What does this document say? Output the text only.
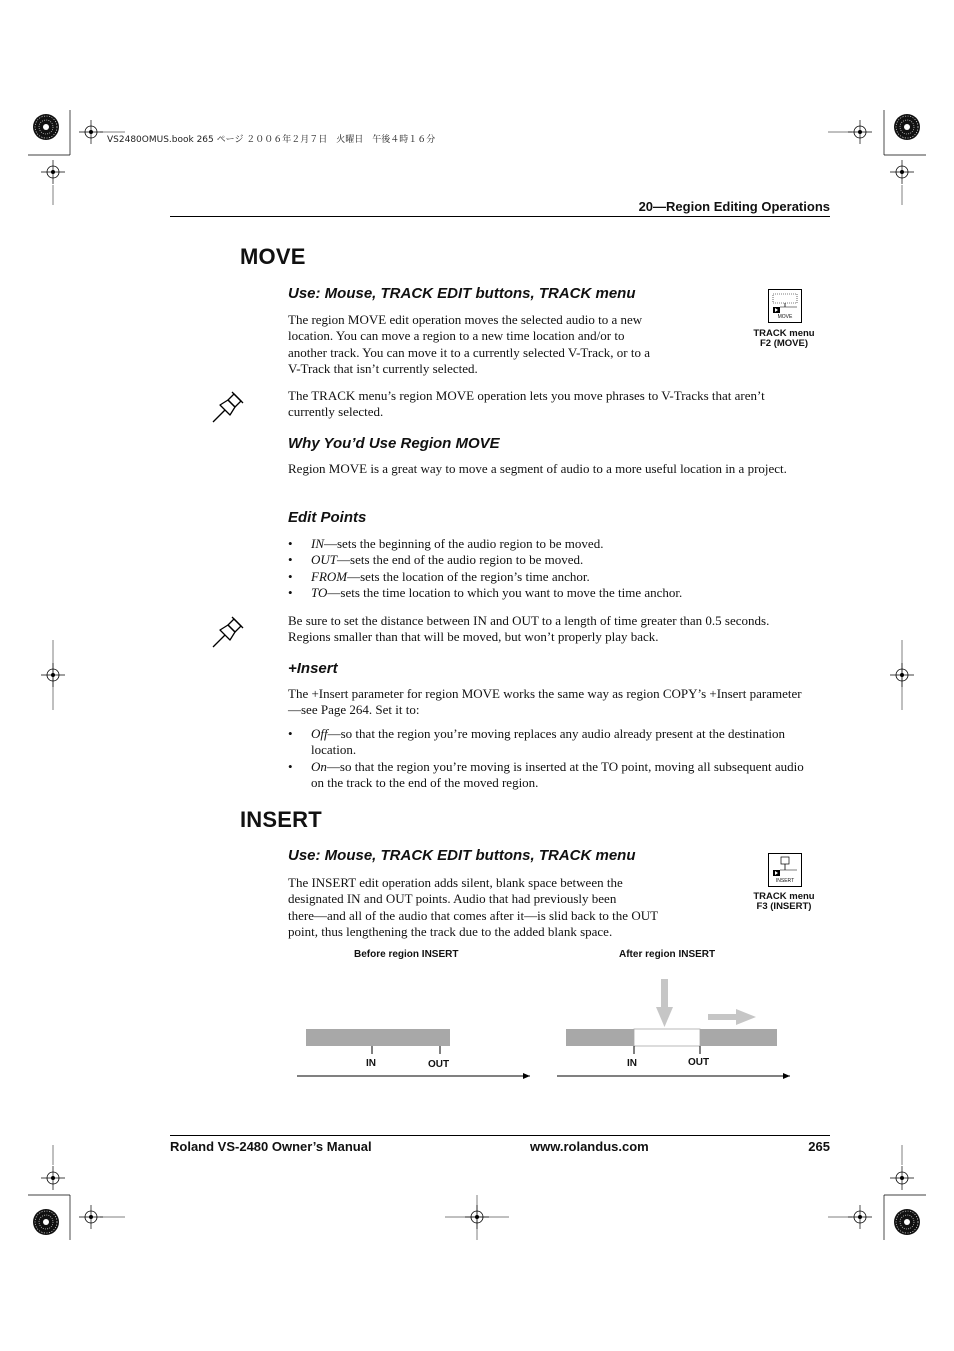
VS2480OMUS.book 265 ページ ２００６年２月７日　火曜日　午後４時１６分
20—Region Editing Operations
MOVE
Use: Mouse, TRACK EDIT buttons, TRACK menu
The region MOVE edit operation moves the selected audio to a new
location. You can move a region to a new time location and/or to
another track. You can move it to a currently selected V-Track, or to a
V-Track that isn’t currently selected.
MOVE
TRACK menu
F2 (MOVE)
The TRACK menu’s region MOVE operation lets you move phrases to V-Tracks that aren’t currently selected.
Why You’d Use Region MOVE
Region MOVE is a great way to move a segment of audio to a more useful location in a project.
Edit Points
• IN—sets the beginning of the audio region to be moved.
• OUT—sets the end of the audio region to be moved.
• FROM—sets the location of the region’s time anchor.
• TO—sets the time location to which you want to move the time anchor.
Be sure to set the distance between IN and OUT to a length of time greater than 0.5 seconds. Regions smaller than that will be moved, but won’t properly play back.
+Insert
The +Insert parameter for region MOVE works the same way as region COPY’s +Insert parameter—see Page 264. Set it to:
• Off—so that the region you’re moving replaces any audio already present at the destination location.
• On—so that the region you’re moving is inserted at the TO point, moving all subsequent audio on the track to the end of the moved region.
INSERT
Use: Mouse, TRACK EDIT buttons, TRACK menu
The INSERT edit operation adds silent, blank space between the
designated IN and OUT points. Audio that had previously been
there—and all of the audio that comes after it—is slid back to the OUT
point, thus lengthening the track due to the added blank space.
INSERT
TRACK menu
F3 (INSERT)
Before region INSERT	After region INSERT
IN	OUT	IN	OUT
Roland VS-2480 Owner’s Manual	www.rolandus.com	265
